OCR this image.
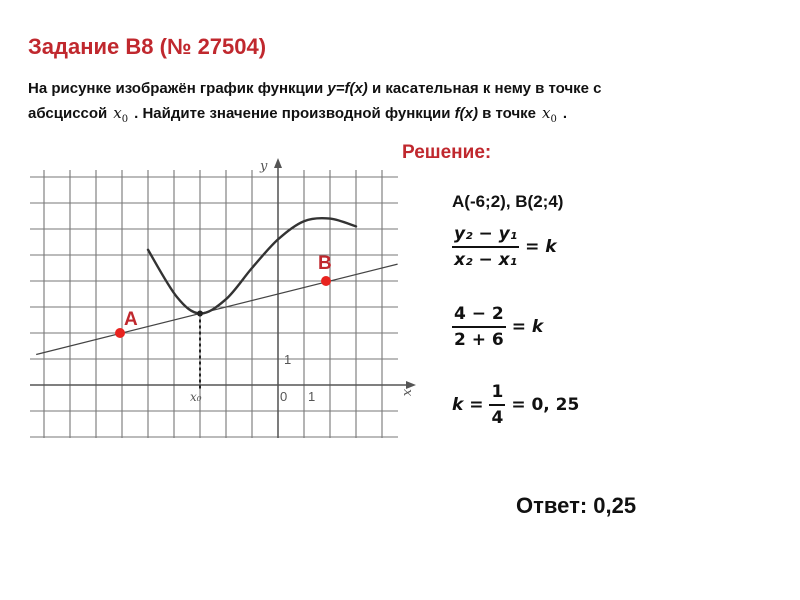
Задание B8 (№ 27504)
На рисунке изображён график функции y=f(x) и касательная к нему в точке с абсциссой $x_0$ . Найдите значение производной функции f(x) в точке $x_0$ .
A
B
y
x
0 1
1
x₀
Решение:
A(-6;2), B(2;4)
$\frac{\text{y₂ − y₁}}{\text{x₂ − x₁}} = k$
$\frac{4 - 2}{2 + 6} = k$
$k = \frac{1}{4} = 0$, 25
Ответ: 0,25
